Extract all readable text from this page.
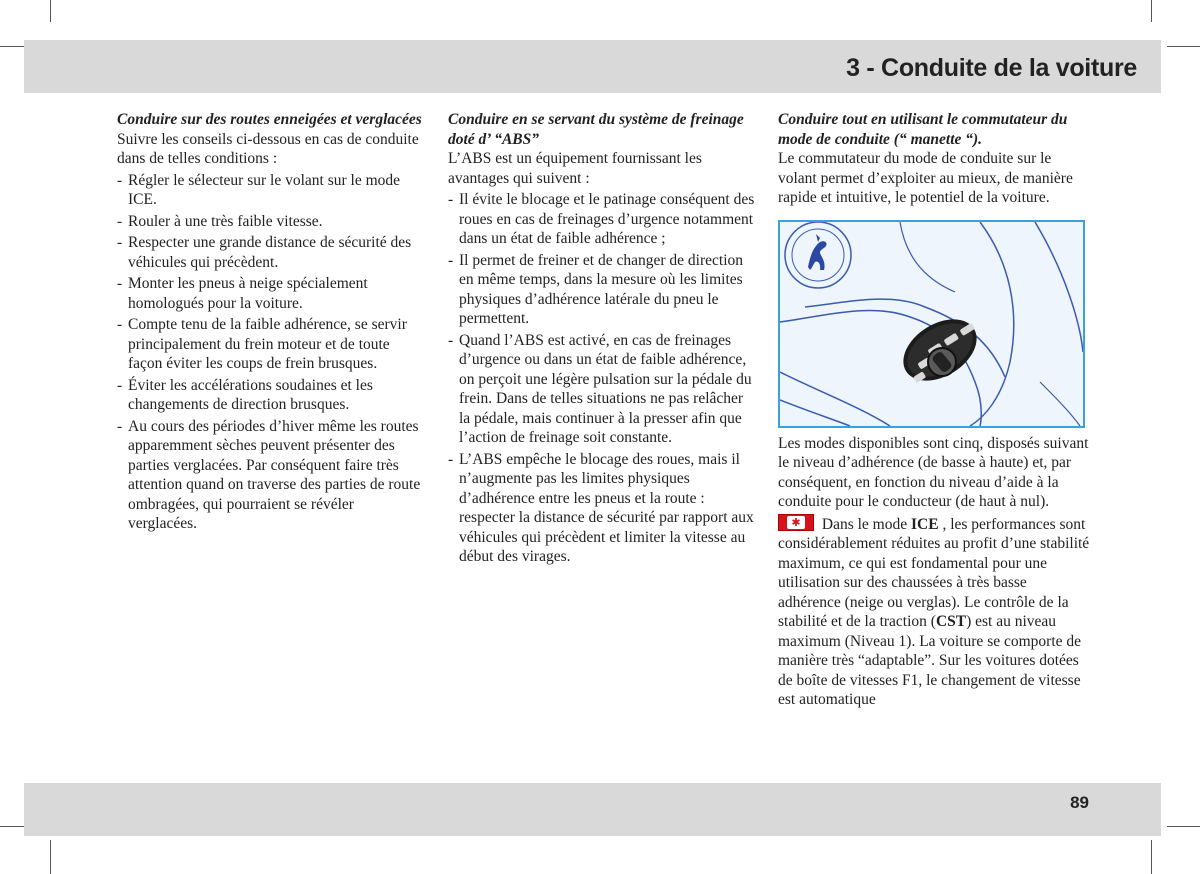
3 - Conduite de la voiture

Conduire sur des routes enneigées et verglacées

Suivre les conseils ci-dessous en cas de conduite dans de telles conditions :

- Régler le sélecteur sur le volant sur le mode ICE.
- Rouler à une très faible vitesse.
- Respecter une grande distance de sécurité des véhicules qui précèdent.
- Monter les pneus à neige spécialement homologués pour la voiture.
- Compte tenu de la faible adhérence, se servir principalement du frein moteur et de toute façon éviter les coups de frein brusques.
- Éviter les accélérations soudaines et les changements de direction brusques.
- Au cours des périodes d’hiver même les routes apparemment sèches peuvent présenter des parties verglacées. Par conséquent faire très attention quand on traverse des parties de route ombragées, qui pourraient se révéler verglacées.

Conduire en se servant du système de freinage doté d’ “ABS”

L’ABS est un équipement fournissant les avantages qui suivent :

- Il évite le blocage et le patinage conséquent des roues en cas de freinages d’urgence notamment dans un état de faible adhérence ;
- Il permet de freiner et de changer de direction en même temps, dans la mesure où les limites physiques d’adhérence latérale du pneu le permettent.
- Quand l’ABS est activé, en cas de freinages d’urgence ou dans un état de faible adhérence, on perçoit une légère pulsation sur la pédale du frein. Dans de telles situations ne pas relâcher la pédale, mais continuer à la presser afin que l’action de freinage soit constante.
- L’ABS empêche le blocage des roues, mais il n’augmente pas les limites physiques d’adhérence entre les pneus et la route : respecter la distance de sécurité par rapport aux véhicules qui précèdent et limiter la vitesse au début des virages.

Conduire tout en utilisant le commutateur du mode de conduite (“ manette “).

Le commutateur du mode de conduite sur le volant permet d’exploiter au mieux, de manière rapide et intuitive, le potentiel de la voiture.

Les modes disponibles sont cinq, disposés suivant le niveau d’adhérence (de basse à haute) et, par conséquent, en fonction du niveau d’aide à la conduite pour le conducteur (de haut à nul).

✱ Dans le mode ICE , les performances sont considérablement réduites au profit d’une stabilité maximum, ce qui est fondamental pour une utilisation sur des chaussées à très basse adhérence (neige ou verglas). Le contrôle de la stabilité et de la traction (CST) est au niveau maximum (Niveau 1). La voiture se comporte de manière très “adaptable”. Sur les voitures dotées de boîte de vitesses F1, le changement de vitesse est automatique

89
